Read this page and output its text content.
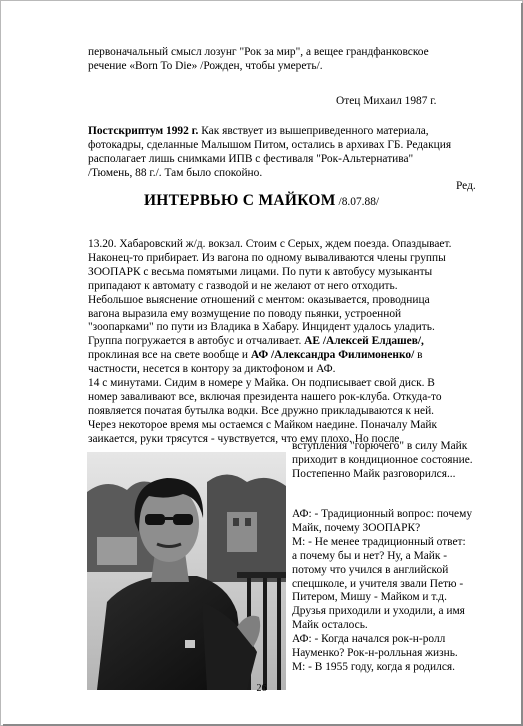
первоначальный смысл лозунг "Рок за мир", а вещее грандфанковское
речение «Born To Die» /Рожден, чтобы умереть/.
Отец Михаил 1987 г.
Постскриптум 1992 г. Как явствует из вышеприведенного материала,
фотокадры, сделанные Малышом Питом, остались в архивах ГБ. Редакция
располагает лишь снимками ИПВ с фестиваля "Рок-Альтернатива"
/Тюмень, 88 г./. Там было спокойно.
Ред.
ИНТЕРВЬЮ С МАЙКОМ /8.07.88/
13.20. Хабаровский ж/д. вокзал. Стоим с Серых, ждем поезда. Опаздывает.
Наконец-то прибирает. Из вагона по одному вываливаются члены группы
ЗООПАРК с весьма помятыми лицами. По пути к автобусу музыканты
припадают к автомату с газводой и не желают от него отходить.
Небольшое выяснение отношений с ментом: оказывается, проводница
вагона выразила ему возмущение по поводу пьянки, устроенной
"зоопарками" по пути из Владика в Хабару. Инцидент удалось уладить.
Группа погружается в автобус и отчаливает. АЕ /Алексей Елдашев/,
проклиная все на свете вообще и АФ /Александра Филимоненко/ в
частности, несется в контору за диктофоном и АФ.
14 с минутами. Сидим в номере у Майка. Он подписывает свой диск. В
номер заваливают все, включая президента нашего рок-клуба. Откуда-то
появляется початая бутылка водки. Все дружно прикладываются к ней.
Через некоторое время мы остаемся с Майком наедине. Поначалу Майк
заикается, руки трясутся - чувствуется, что ему плохо. Но после
вступления "горючего" в силу Майк
приходит в кондиционное состояние.
Постепенно Майк разговорился...
АФ: - Традиционный вопрос: почему
Майк, почему ЗООПАРК?
М: - Не менее традиционный ответ:
а почему бы и нет? Ну, а Майк -
потому что учился в английской
спецшколе, и учителя звали Петю -
Питером, Мишу - Майком и т.д.
Друзья приходили и уходили, а имя
Майк осталось.
АФ: - Когда начался рок-н-ролл
Науменко? Рок-н-ролльная жизнь.
М: - В 1955 году, когда я родился.
26
